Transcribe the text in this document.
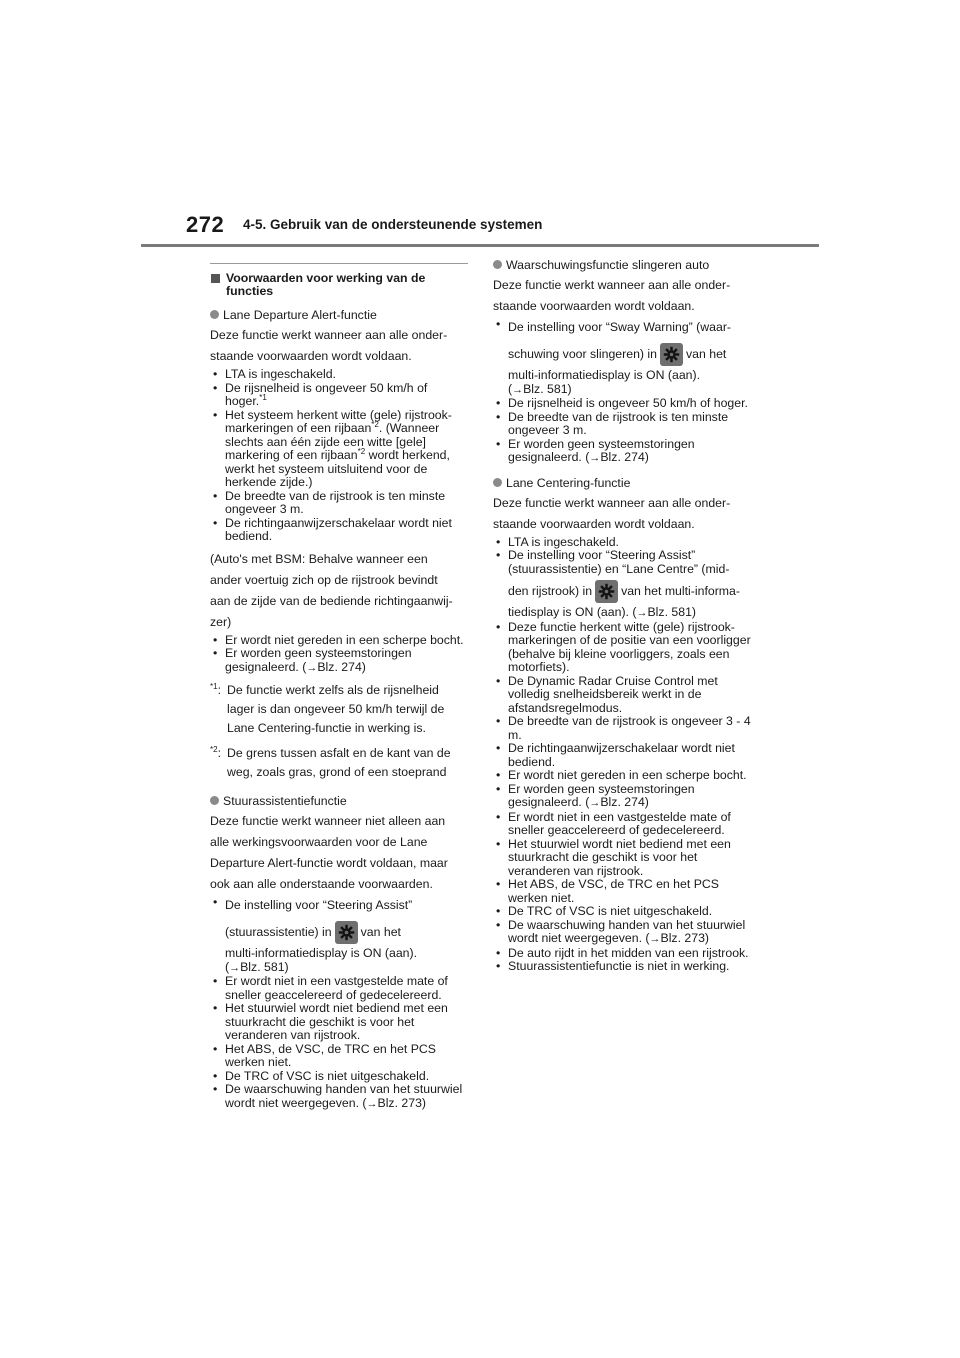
272 4-5. Gebruik van de ondersteunende systemen
Voorwaarden voor werking van de functies
Lane Departure Alert-functie
Deze functie werkt wanneer aan alle onder-
staande voorwaarden wordt voldaan.
• LTA is ingeschakeld.
• De rijsnelheid is ongeveer 50 km/h of hoger.$^{*1}$
• Het systeem herkent witte (gele) rijstrook-markeringen of een rijbaan$^{*2}$. (Wanneer slechts aan één zijde een witte [gele] markering of een rijbaan$^{*2}$ wordt herkend, werkt het systeem uitsluitend voor de herkende zijde.)
• De breedte van de rijstrook is ten minste ongeveer 3 m.
• De richtingaanwijzerschakelaar wordt niet bediend.
(Auto's met BSM: Behalve wanneer een
ander voertuig zich op de rijstrook bevindt
aan de zijde van de bediende richtingaanwij-
zer)
• Er wordt niet gereden in een scherpe bocht.
• Er worden geen systeemstoringen gesignaleerd. (→Blz. 274)
$^{*1}$: De functie werkt zelfs als de rijsnelheid lager is dan ongeveer 50 km/h terwijl de Lane Centering-functie in werking is.
$^{*2}$: De grens tussen asfalt en de kant van de weg, zoals gras, grond of een stoeprand
Stuurassistentiefunctie
Deze functie werkt wanneer niet alleen aan
alle werkingsvoorwaarden voor de Lane
Departure Alert-functie wordt voldaan, maar
ook aan alle onderstaande voorwaarden.
• De instelling voor “Steering Assist”
(stuurassistentie) in van het
multi-informatiedisplay is ON (aan).
(→Blz. 581)
• Er wordt niet in een vastgestelde mate of sneller geaccelereerd of gedecelereerd.
• Het stuurwiel wordt niet bediend met een stuurkracht die geschikt is voor het veranderen van rijstrook.
• Het ABS, de VSC, de TRC en het PCS werken niet.
• De TRC of VSC is niet uitgeschakeld.
• De waarschuwing handen van het stuurwiel wordt niet weergegeven. (→Blz. 273)
Waarschuwingsfunctie slingeren auto
Deze functie werkt wanneer aan alle onder-
staande voorwaarden wordt voldaan.
• De instelling voor “Sway Warning” (waar-
schuwing voor slingeren) in van het
multi-informatiedisplay is ON (aan).
(→Blz. 581)
• De rijsnelheid is ongeveer 50 km/h of hoger.
• De breedte van de rijstrook is ten minste ongeveer 3 m.
• Er worden geen systeemstoringen gesignaleerd. (→Blz. 274)
Lane Centering-functie
Deze functie werkt wanneer aan alle onder-
staande voorwaarden wordt voldaan.
• LTA is ingeschakeld.
• De instelling voor “Steering Assist” (stuurassistentie) en “Lane Centre” (mid-
den rijstrook) in van het multi-informa-
tiedisplay is ON (aan). (→Blz. 581)
• Deze functie herkent witte (gele) rijstrook-markeringen of de positie van een voorligger (behalve bij kleine voorliggers, zoals een motorfiets).
• De Dynamic Radar Cruise Control met volledig snelheidsbereik werkt in de afstandsregelmodus.
• De breedte van de rijstrook is ongeveer 3 - 4 m.
• De richtingaanwijzerschakelaar wordt niet bediend.
• Er wordt niet gereden in een scherpe bocht.
• Er worden geen systeemstoringen gesignaleerd. (→Blz. 274)
• Er wordt niet in een vastgestelde mate of sneller geaccelereerd of gedecelereerd.
• Het stuurwiel wordt niet bediend met een stuurkracht die geschikt is voor het veranderen van rijstrook.
• Het ABS, de VSC, de TRC en het PCS werken niet.
• De TRC of VSC is niet uitgeschakeld.
• De waarschuwing handen van het stuurwiel wordt niet weergegeven. (→Blz. 273)
• De auto rijdt in het midden van een rijstrook.
• Stuurassistentiefunctie is niet in werking.
